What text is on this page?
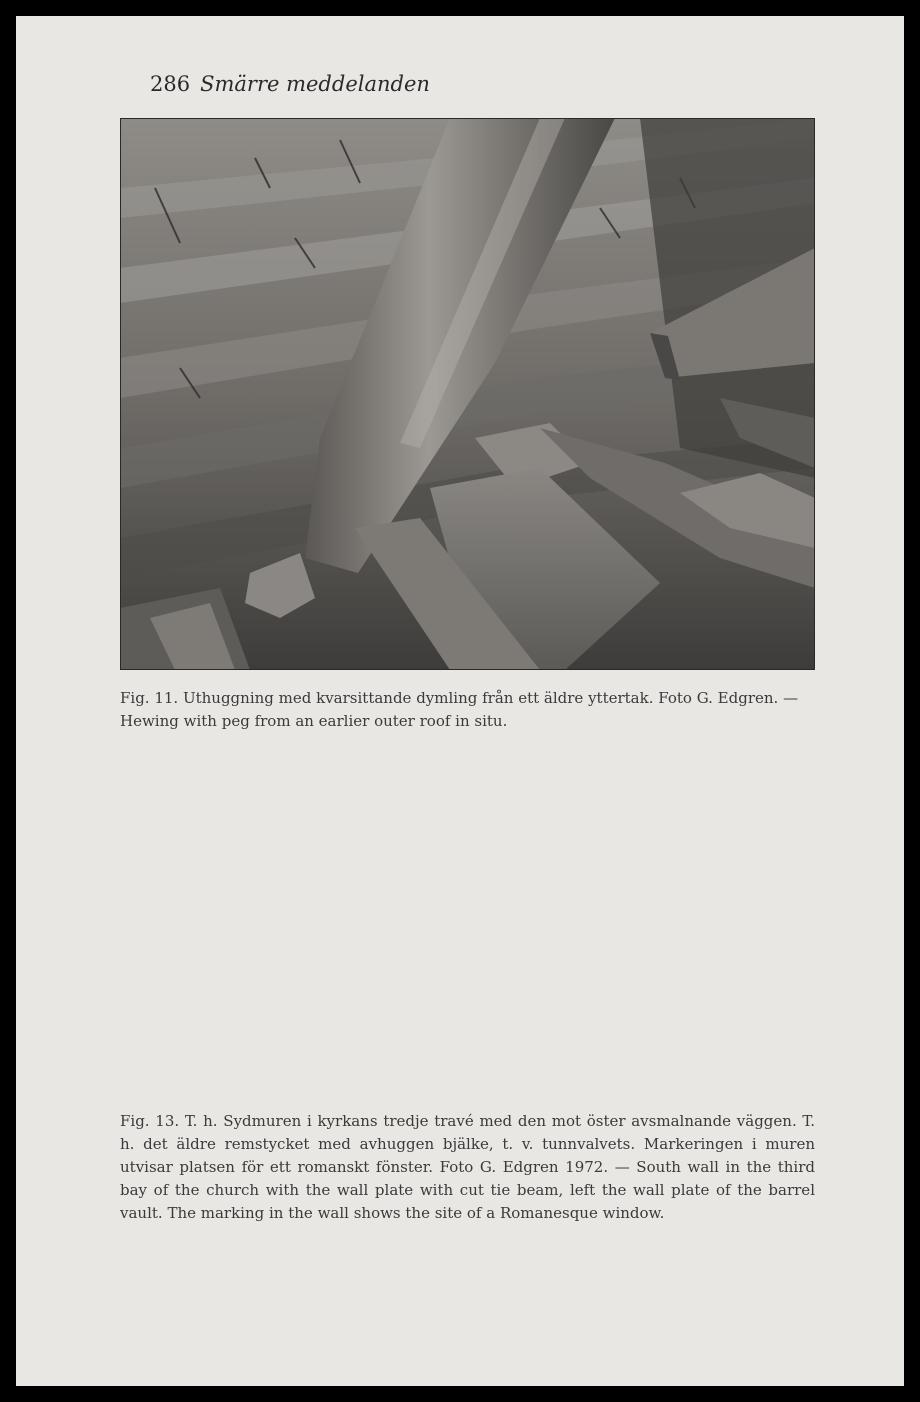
286 Smärre meddelanden
Fig. 11. Uthuggning med kvarsittande dymling från ett äldre yttertak. Foto G. Edgren. — Hewing with peg from an earlier outer roof in situ.
Fig. 13. T. h. Sydmuren i kyrkans tredje travé med den mot öster avsmalnande väggen. T. h. det äldre remstycket med avhuggen bjälke, t. v. tunnvalvets. Markeringen i muren utvisar platsen för ett romanskt fönster. Foto G. Edgren 1972. — South wall in the third bay of the church with the wall plate with cut tie beam, left the wall plate of the barrel vault. The marking in the wall shows the site of a Romanesque window.
